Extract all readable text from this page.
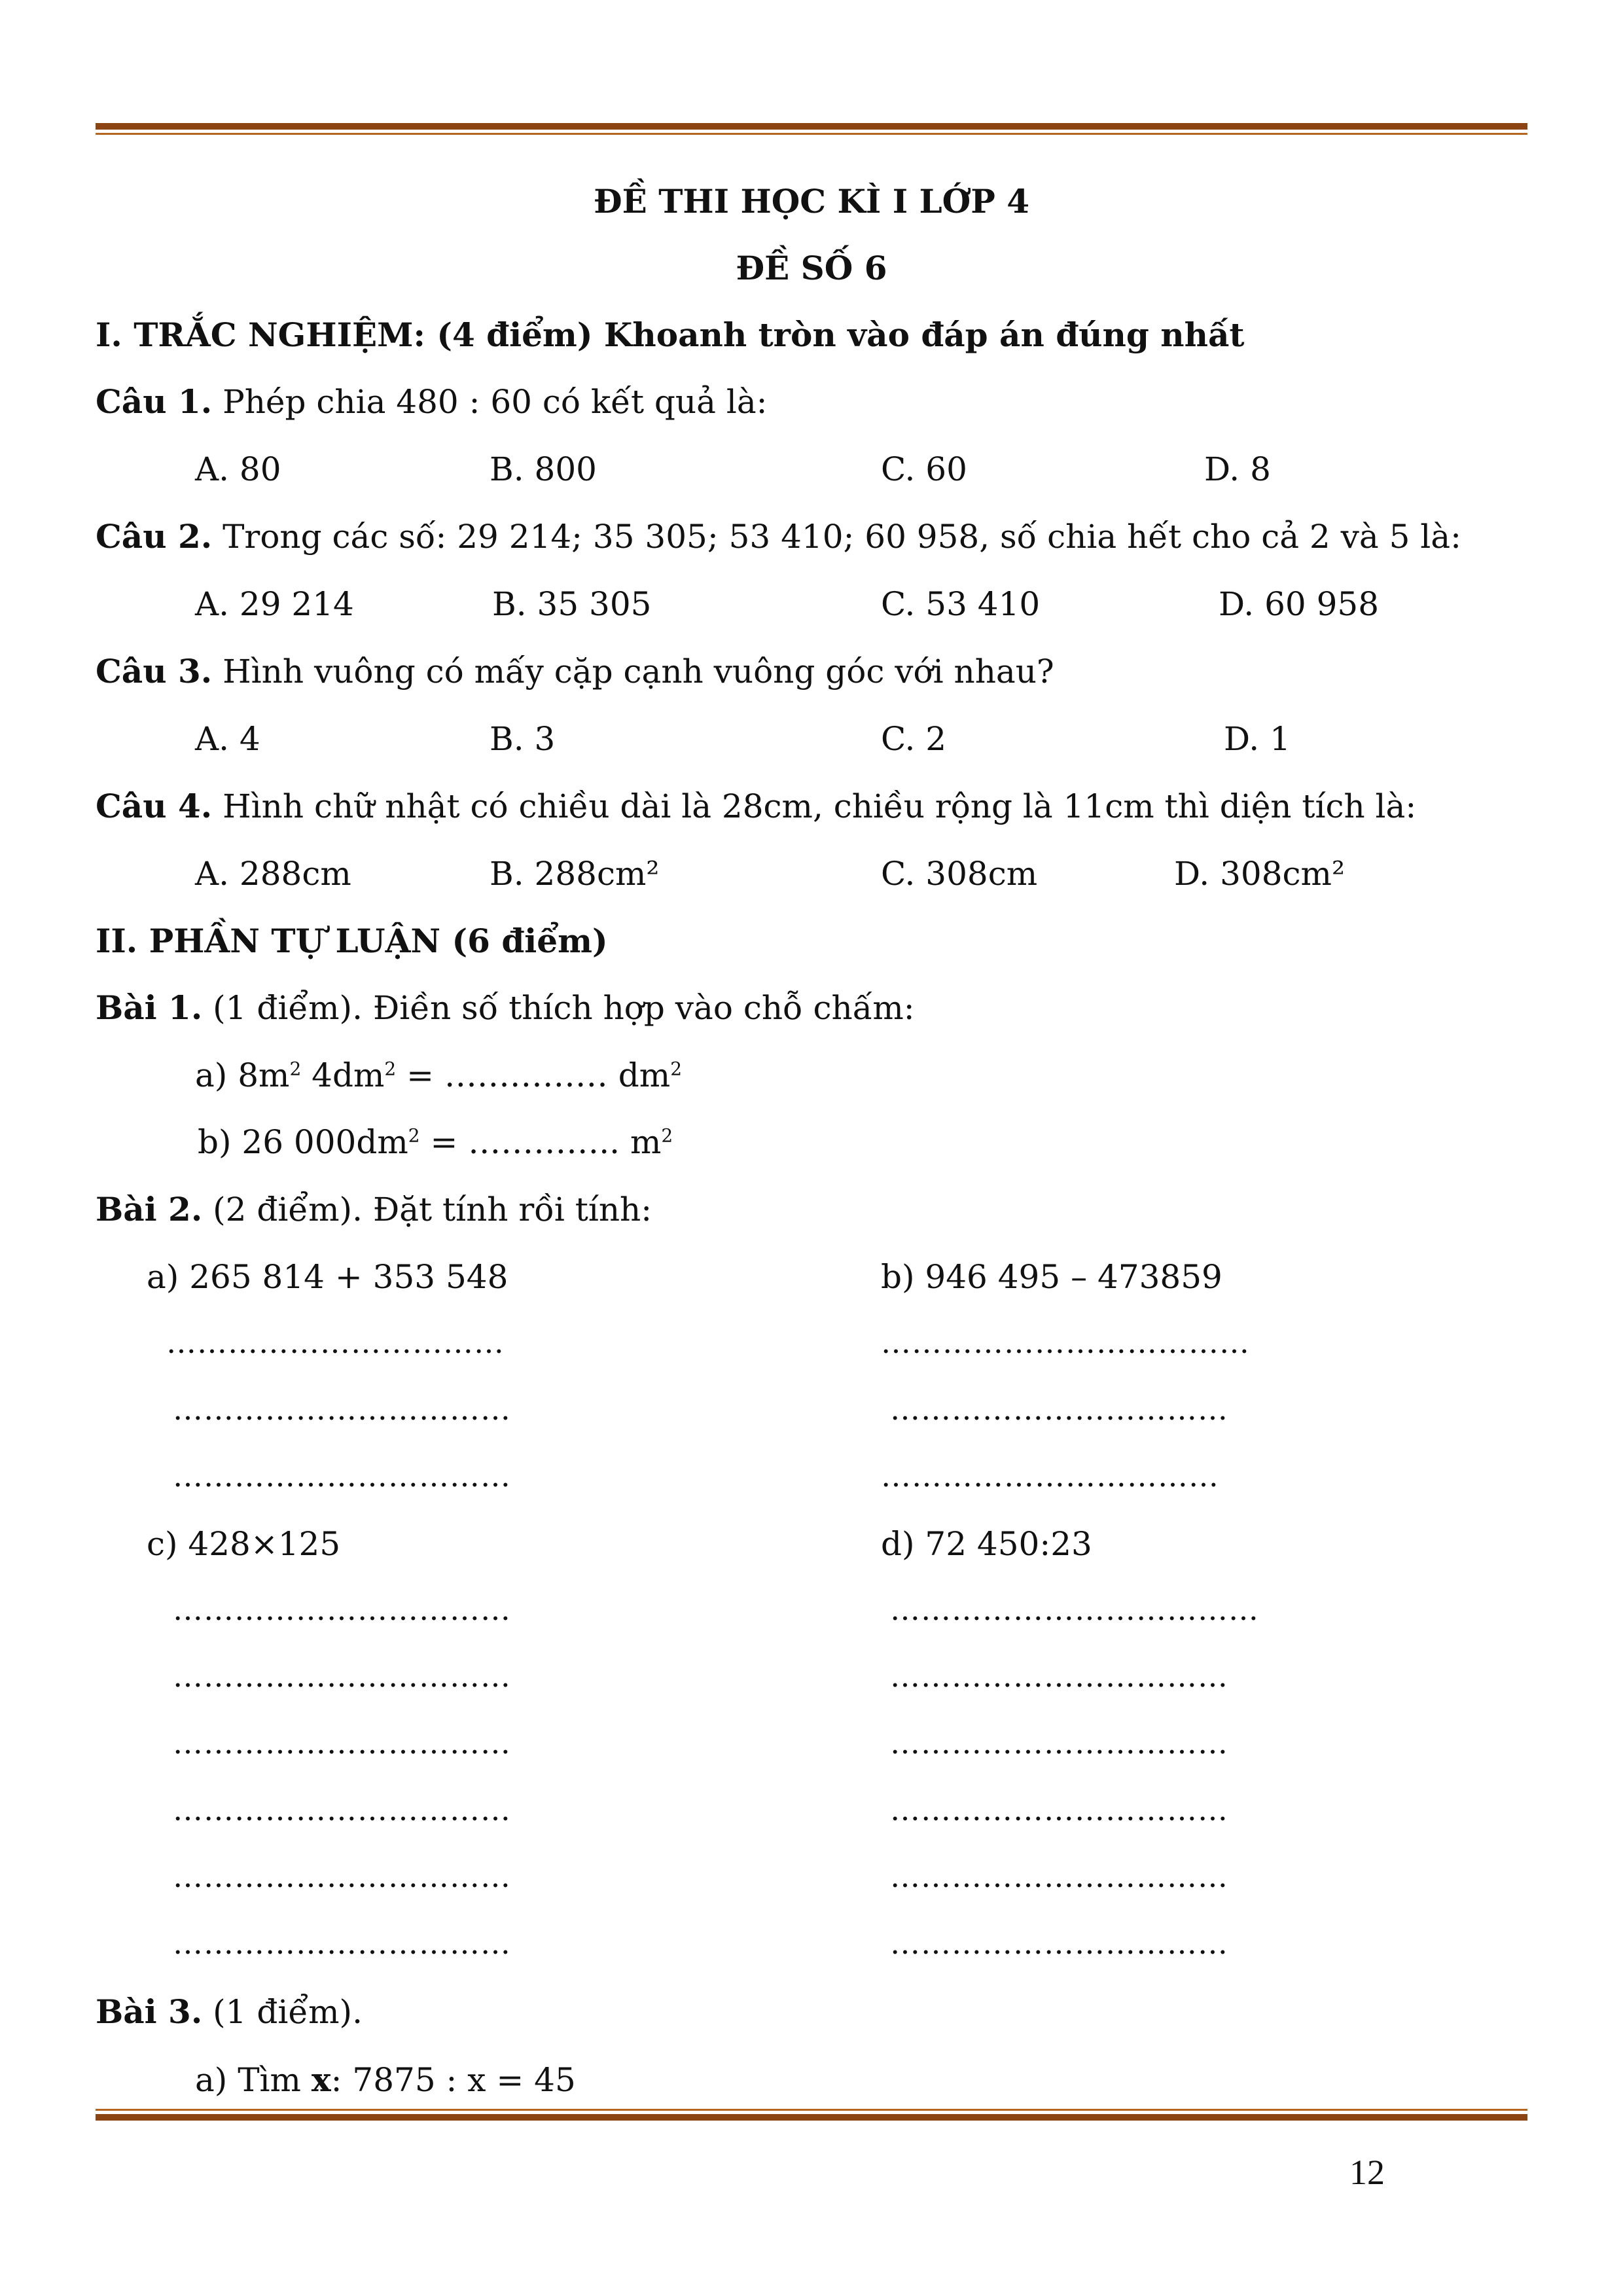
ĐỀ THI HỌC KÌ I LỚP 4
ĐỀ SỐ 6
I. TRẮC NGHIỆM: (4 điểm) Khoanh tròn vào đáp án đúng nhất
Câu 1. Phép chia 480 : 60 có kết quả là:
A. 80	B. 800	C. 60	D. 8
Câu 2. Trong các số: 29 214; 35 305; 53 410; 60 958, số chia hết cho cả 2 và 5 là:
A. 29 214	B. 35 305	C. 53 410	D. 60 958
Câu 3. Hình vuông có mấy cặp cạnh vuông góc với nhau?
A. 4	B. 3	C. 2	D. 1
Câu 4. Hình chữ nhật có chiều dài là 28cm, chiều rộng là 11cm thì diện tích là:
A. 288cm	B. 288cm²	C. 308cm	D. 308cm²
II. PHẦN TỰ LUẬN (6 điểm)
Bài 1. (1 điểm). Điền số thích hợp vào chỗ chấm:
a) $8m^2$ $4dm^2$ = …………… $dm^2$
b) 26 $000dm^2$ = ………….. $m^2$
Bài 2. (2 điểm). Đặt tính rồi tính:
a) 265 814 + 353 548	b) 946 495 – 473859
……………………………	………………………………
……………………………	……………………………
……………………………	……………………………
c) 428×125	d) 72 450:23
……………………………	………………………………
……………………………	……………………………
……………………………	……………………………
……………………………	……………………………
……………………………	……………………………
……………………………	……………………………
Bài 3. (1 điểm).
a) Tìm x: 7875 : x = 45
12
